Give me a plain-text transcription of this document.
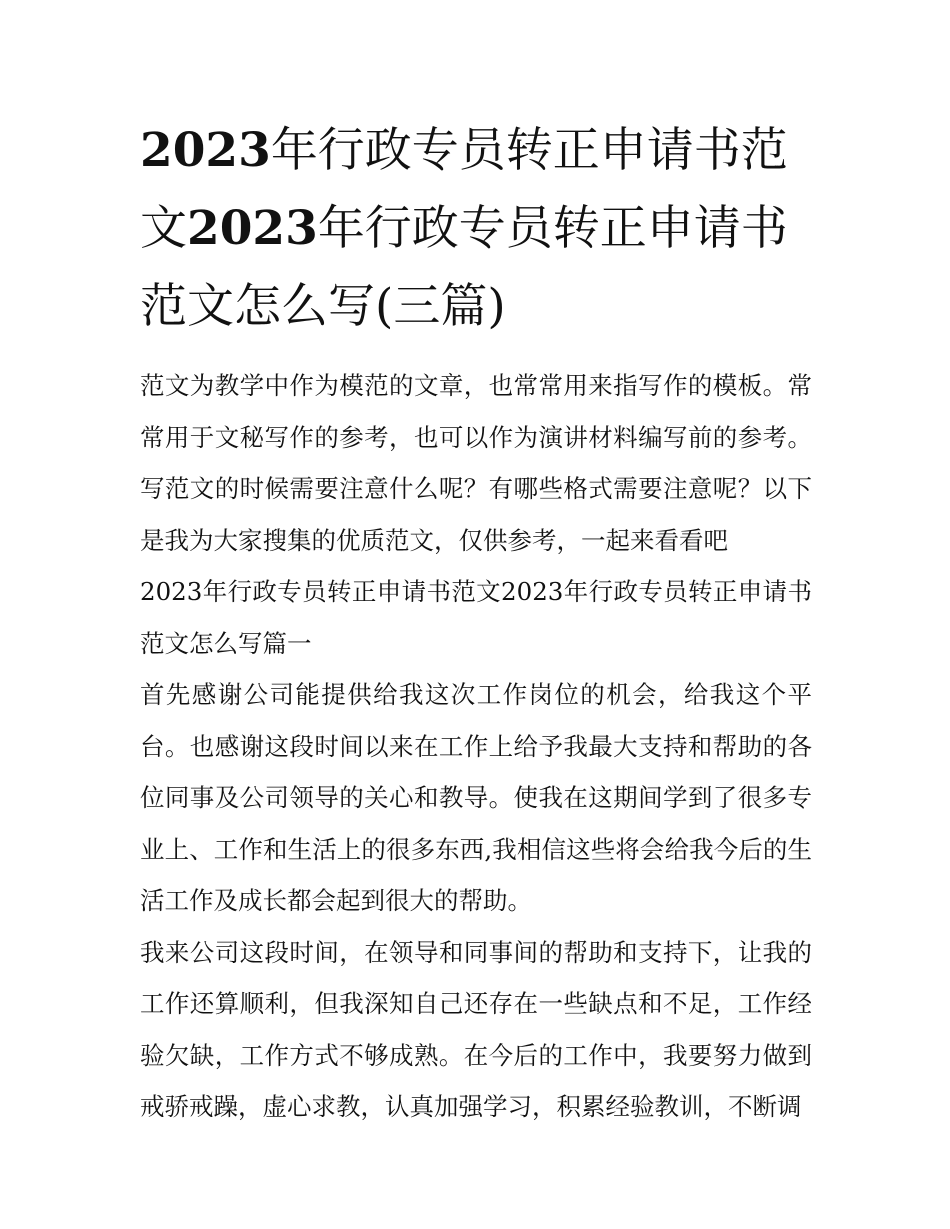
2023年行政专员转正申请书范文2023年行政专员转正申请书范文怎么写(三篇)

范文为教学中作为模范的文章，也常常用来指写作的模板。常常用于文秘写作的参考，也可以作为演讲材料编写前的参考。写范文的时候需要注意什么呢？有哪些格式需要注意呢？以下是我为大家搜集的优质范文，仅供参考，一起来看看吧

2023年行政专员转正申请书范文2023年行政专员转正申请书范文怎么写篇一

首先感谢公司能提供给我这次工作岗位的机会，给我这个平台。也感谢这段时间以来在工作上给予我最大支持和帮助的各位同事及公司领导的关心和教导。使我在这期间学到了很多专业上、工作和生活上的很多东西,我相信这些将会给我今后的生活工作及成长都会起到很大的帮助。

我来公司这段时间，在领导和同事间的帮助和支持下，让我的工作还算顺利，但我深知自己还存在一些缺点和不足，工作经验欠缺，工作方式不够成熟。在今后的工作中，我要努力做到戒骄戒躁，虚心求教，认真加强学习，积累经验教训，不断调
